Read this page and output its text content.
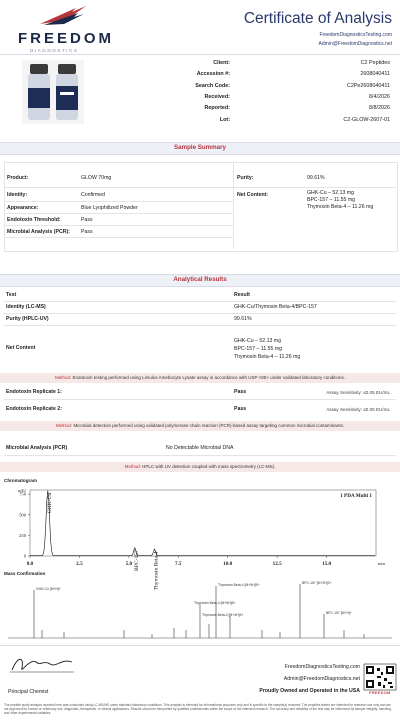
FREEDOM
DIAGNOSTICS
Certificate of Analysis
FreedomDiagnosticsTesting.com
Admin@FreedomDiagnostics.net
Client:	C2 Peptides
Accession #:	2608040411
Search Code:	C2Pe2608040411
Received:	8/4/2026
Reported:	8/8/2026
Lot:	C2-GLOW-2607-01
Sample Summary
Product:	GLOW 70mg	Purity:	99.61%
Identity:	Confirmed	Net Content:	GHK-Cu – 52.13 mg
BPC-157 – 11.55 mg
Thymosin Beta-4 – 11.26 mg
Appearance:	Blue Lyophilized Powder
Endotoxin Threshold:	Pass
Microbial Analysis (PCR): Pass
Analytical Results
Test	Result
Identity (LC-MS)	GHK-Cu/Thymosin Beta-4/BPC-157
Purity (HPLC-UV)	99.61%
Net Content
GHK-Cu – 52.13 mg
BPC-157 – 11.55 mg
Thymosin Beta-4 – 11.26 mg
Method: Endotoxin testing performed using Limulus Amebocyte Lysate assay in accordance with USP <85> under validated laboratory conditions.
Endotoxin Replicate 1:	Pass	Assay Sensitivity: ≤0.05 EU/mL
Endotoxin Replicate 2:	Pass	Assay Sensitivity: ≤0.05 EU/mL
Method: Microbial detection performed using validated polymerase chain reaction (PCR)-based assay targeting common microbial contaminants.
Microbial Analysis (PCR)	No Detectable Microbial DNA
Method: HPLC with UV detection coupled with mass spectrometry (LC-MS).
Chromatogram
0
250
500
750
mAU
0.0	2.5	5.0	7.5	10.0	12.5	15.0	min
1 PDA Multi 1
GHK-Cu
BPC-157 Thymosin Beta-4
Mass Confirmation
GHK-Cu [M+H]+
Thymosin Beta-4 [M+5H]5+
Thymosin Beta-4 [M+6H]6+
Thymosin Beta-4 [M+4H]4+
BPC-157 [M+2H]2+
BPC-157 [M+H]+
Principal Chemist
FreedomDiagnosticsTesting.com
Admin@FreedomDiagnostics.net
Proudly Owned and Operated in the USA	FREEDOM
The peptide purity analysis reported here was conducted using LC-MS/MS under standard laboratory conditions. This analysis is intended for informational purposes only and is specific to the sample(s) received. The peptides tested are intended for research use only and are not approved for human or veterinary use, diagnostic, therapeutic, or clinical applications. Results should be interpreted by qualified professionals within the scope of the intended research. The accuracy and reliability of the test may be influenced by sample integrity, handling, and other experimental variables.
